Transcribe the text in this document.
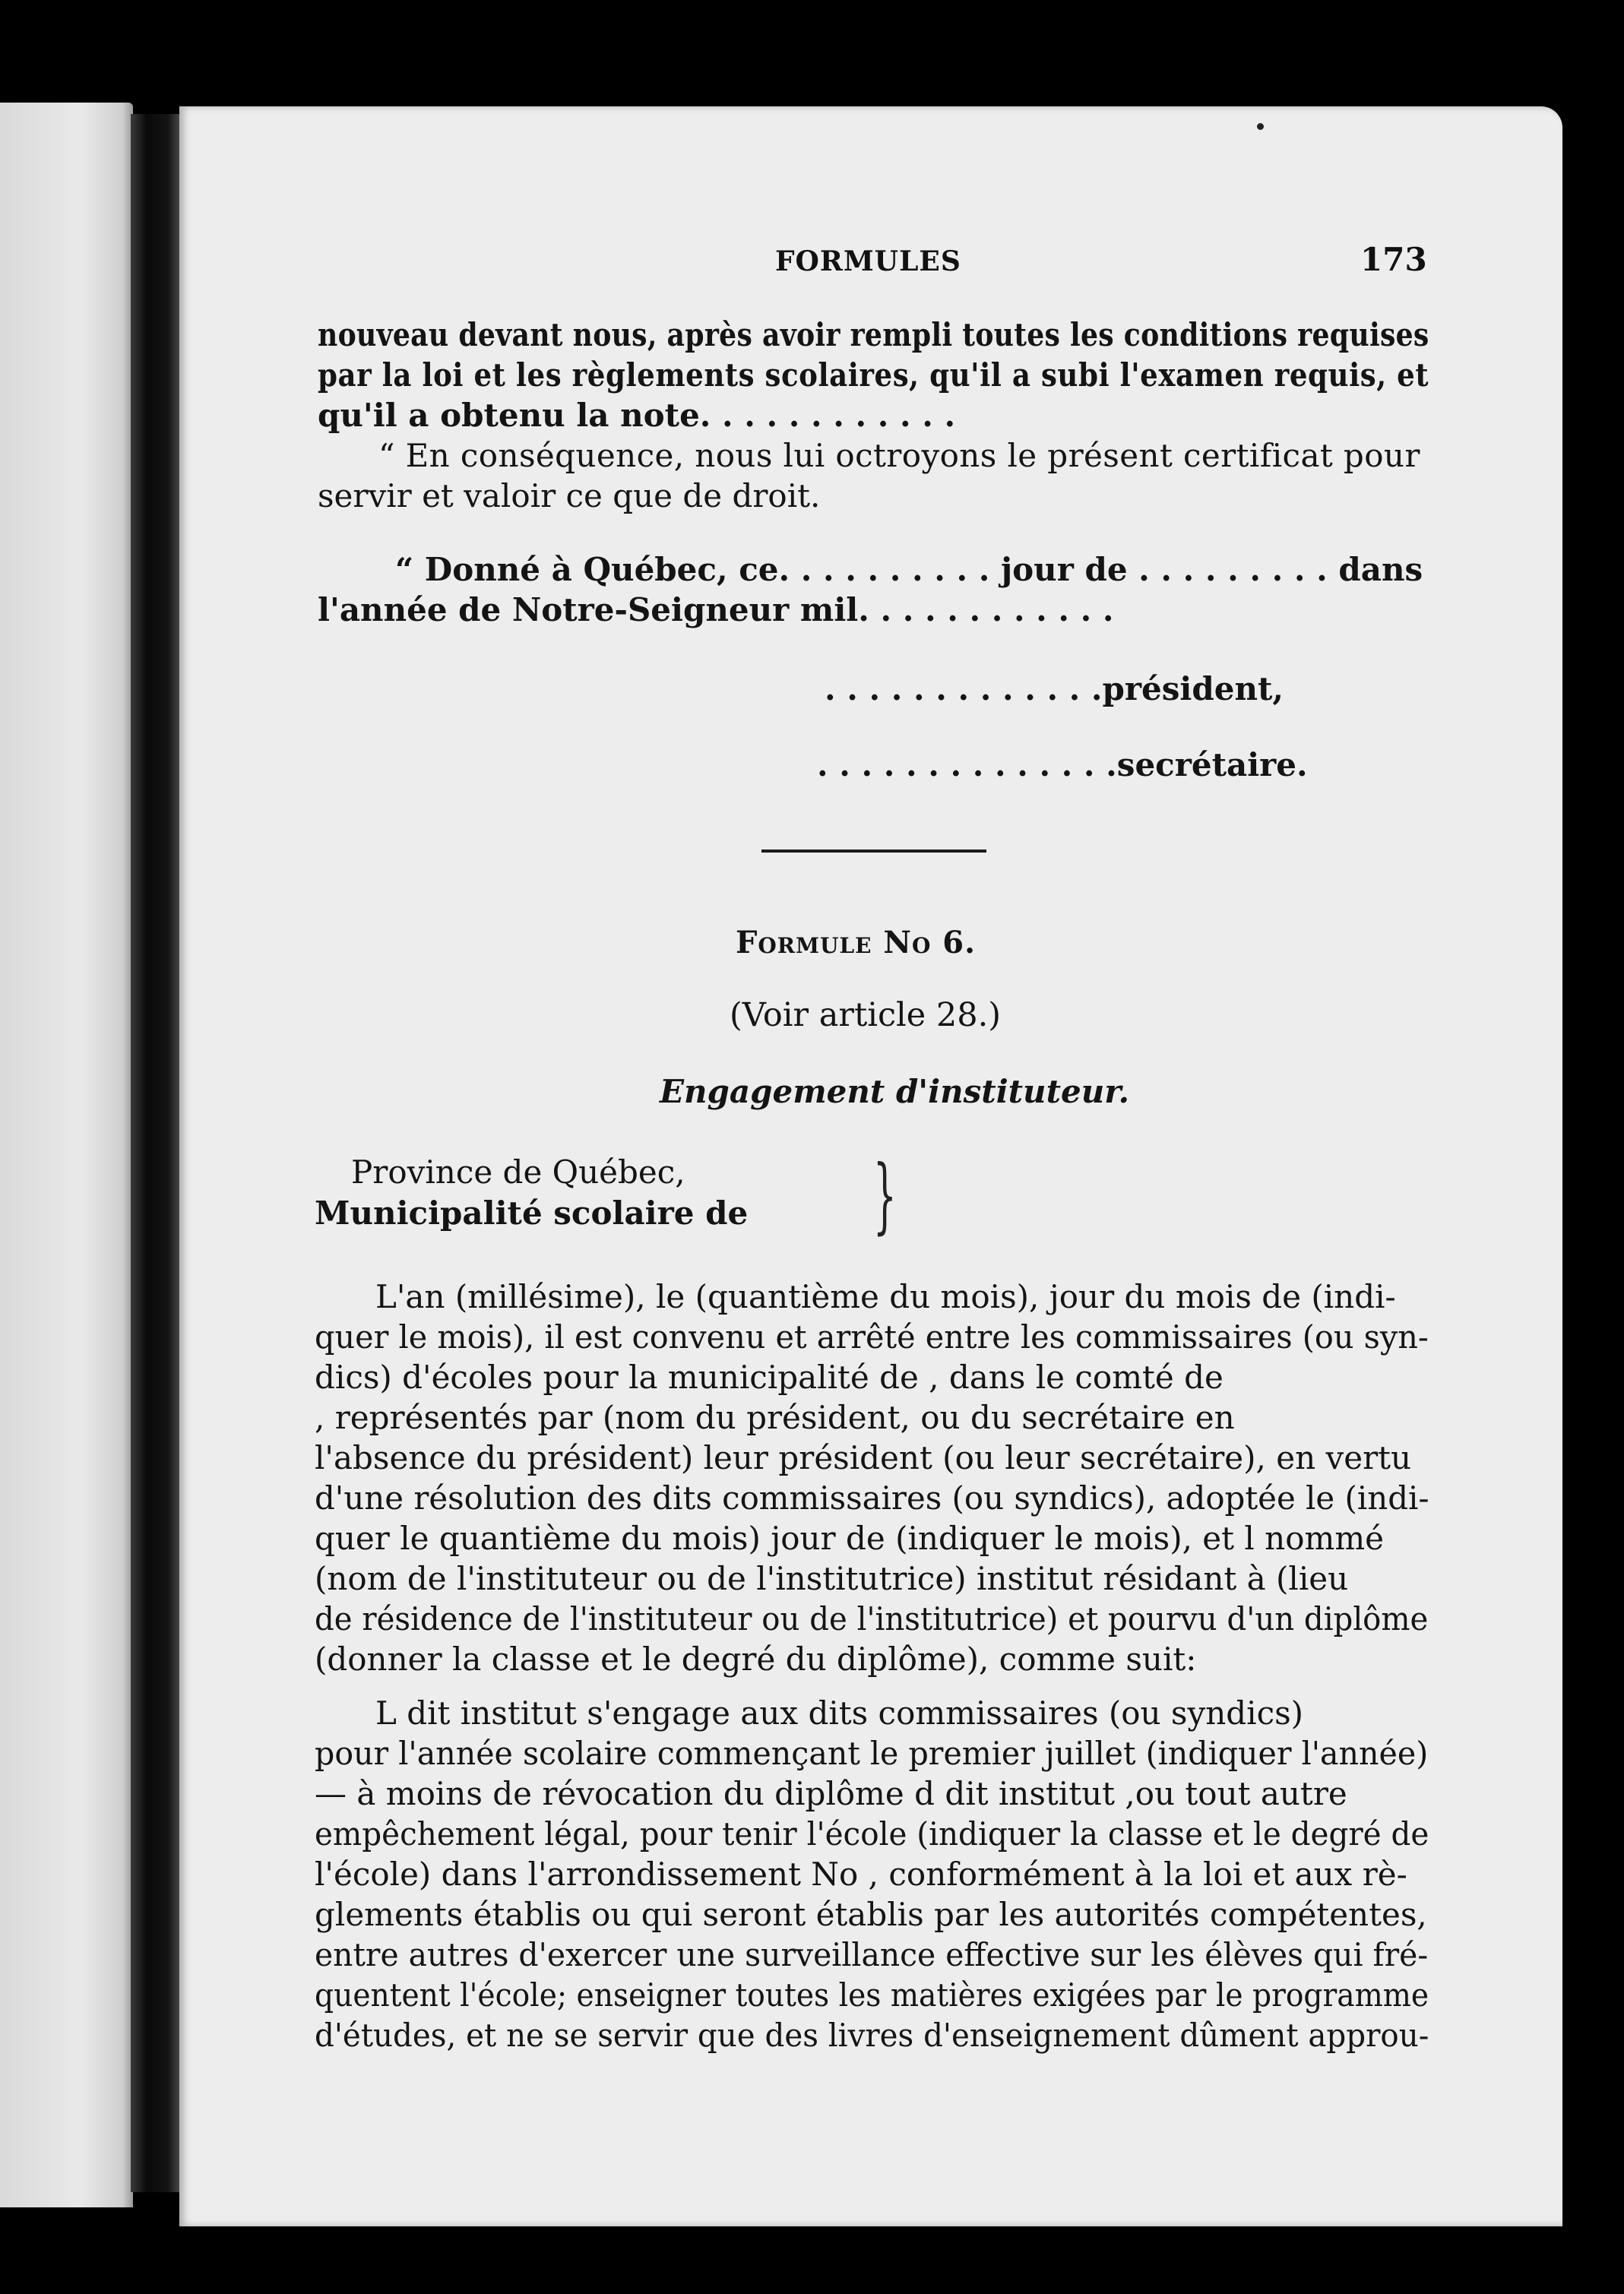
FORMULES	173
nouveau devant nous, après avoir rempli toutes les conditions requises
par la loi et les règlements scolaires, qu'il a subi l'examen requis, et
qu'il a obtenu la note. . . . . . . . . . . .
“ En conséquence, nous lui octroyons le présent certificat pour
servir et valoir ce que de droit.
“ Donné à Québec, ce. . . . . . . . . . jour de . . . . . . . . . dans
l'année de Notre-Seigneur mil. . . . . . . . . . . .
. . . . . . . . . . . . .président,
. . . . . . . . . . . . . .secrétaire.
Formule No 6.
(Voir article 28.)
Engagement d'instituteur.
Province de Québec,
Municipalité scolaire de }
L'an (millésime), le (quantième du mois), jour du mois de (indi-
quer le mois), il est convenu et arrêté entre les commissaires (ou syn-
dics) d'écoles pour la municipalité de , dans le comté de
, représentés par (nom du président, ou du secrétaire en
l'absence du président) leur président (ou leur secrétaire), en vertu
d'une résolution des dits commissaires (ou syndics), adoptée le (indi-
quer le quantième du mois) jour de (indiquer le mois), et l nommé
(nom de l'instituteur ou de l'institutrice) institut résidant à (lieu
de résidence de l'instituteur ou de l'institutrice) et pourvu d'un diplôme
(donner la classe et le degré du diplôme), comme suit:
L dit institut s'engage aux dits commissaires (ou syndics)
pour l'année scolaire commençant le premier juillet (indiquer l'année)
— à moins de révocation du diplôme d dit institut ,ou tout autre
empêchement légal, pour tenir l'école (indiquer la classe et le degré de
l'école) dans l'arrondissement No , conformément à la loi et aux rè-
glements établis ou qui seront établis par les autorités compétentes,
entre autres d'exercer une surveillance effective sur les élèves qui fré-
quentent l'école; enseigner toutes les matières exigées par le programme
d'études, et ne se servir que des livres d'enseignement dûment approu-
